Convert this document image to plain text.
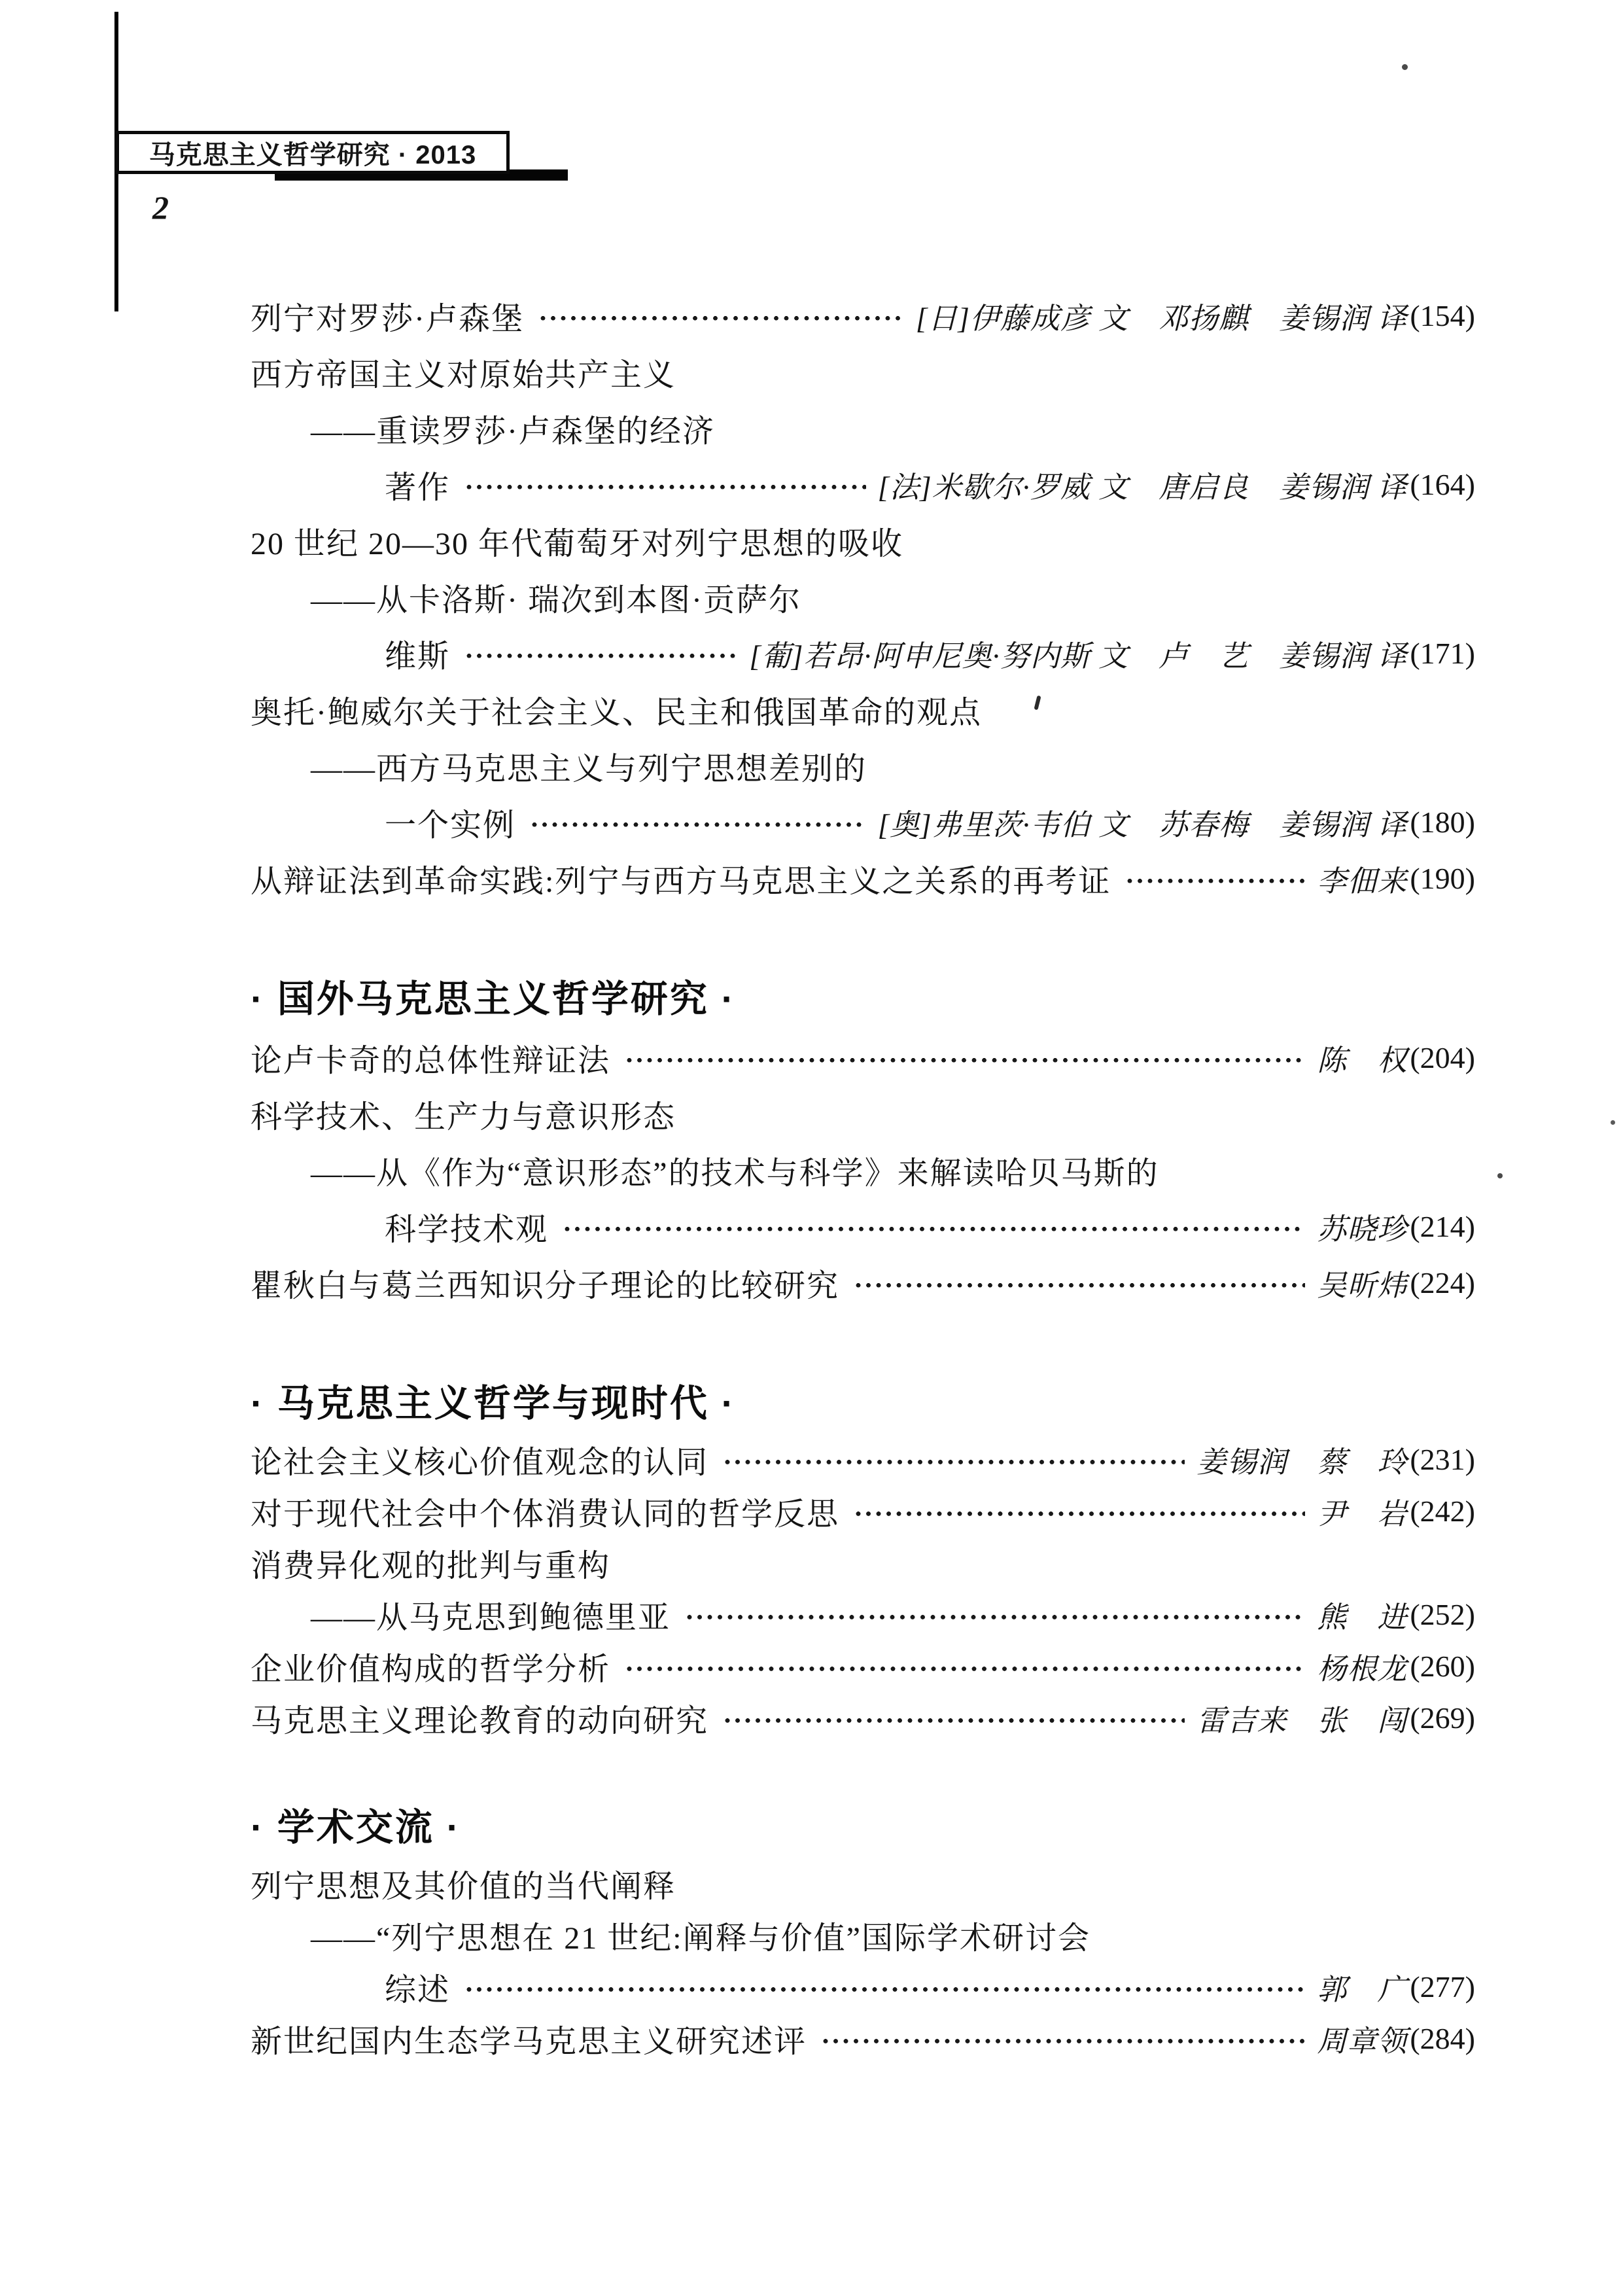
马克思主义哲学研究 · 2013
2
列宁对罗莎·卢森堡	[日]伊藤成彦 文　邓扬麒　姜锡润 译 (154)
西方帝国主义对原始共产主义
——重读罗莎·卢森堡的经济
著作	[法]米歇尔·罗威 文　唐启良　姜锡润 译 (164)
20 世纪 20—30 年代葡萄牙对列宁思想的吸收
——从卡洛斯· 瑞次到本图·贡萨尔
维斯	[葡]若昂·阿申尼奥·努内斯 文　卢　艺　姜锡润 译 (171)
奥托·鲍威尔关于社会主义、民主和俄国革命的观点
——西方马克思主义与列宁思想差别的
一个实例	[奥]弗里茨·韦伯 文　苏春梅　姜锡润 译 (180)
从辩证法到革命实践:列宁与西方马克思主义之关系的再考证	李佃来 (190)
· 国外马克思主义哲学研究 ·
论卢卡奇的总体性辩证法	陈　权 (204)
科学技术、生产力与意识形态
——从《作为“意识形态”的技术与科学》来解读哈贝马斯的
科学技术观	苏晓珍 (214)
瞿秋白与葛兰西知识分子理论的比较研究	吴昕炜 (224)
· 马克思主义哲学与现时代 ·
论社会主义核心价值观念的认同	姜锡润　蔡　玲 (231)
对于现代社会中个体消费认同的哲学反思	尹　岩 (242)
消费异化观的批判与重构
——从马克思到鲍德里亚	熊　进 (252)
企业价值构成的哲学分析	杨根龙 (260)
马克思主义理论教育的动向研究	雷吉来　张　闯 (269)
· 学术交流 ·
列宁思想及其价值的当代阐释
——“列宁思想在 21 世纪:阐释与价值”国际学术研讨会
综述	郭　广 (277)
新世纪国内生态学马克思主义研究述评	周章领 (284)
